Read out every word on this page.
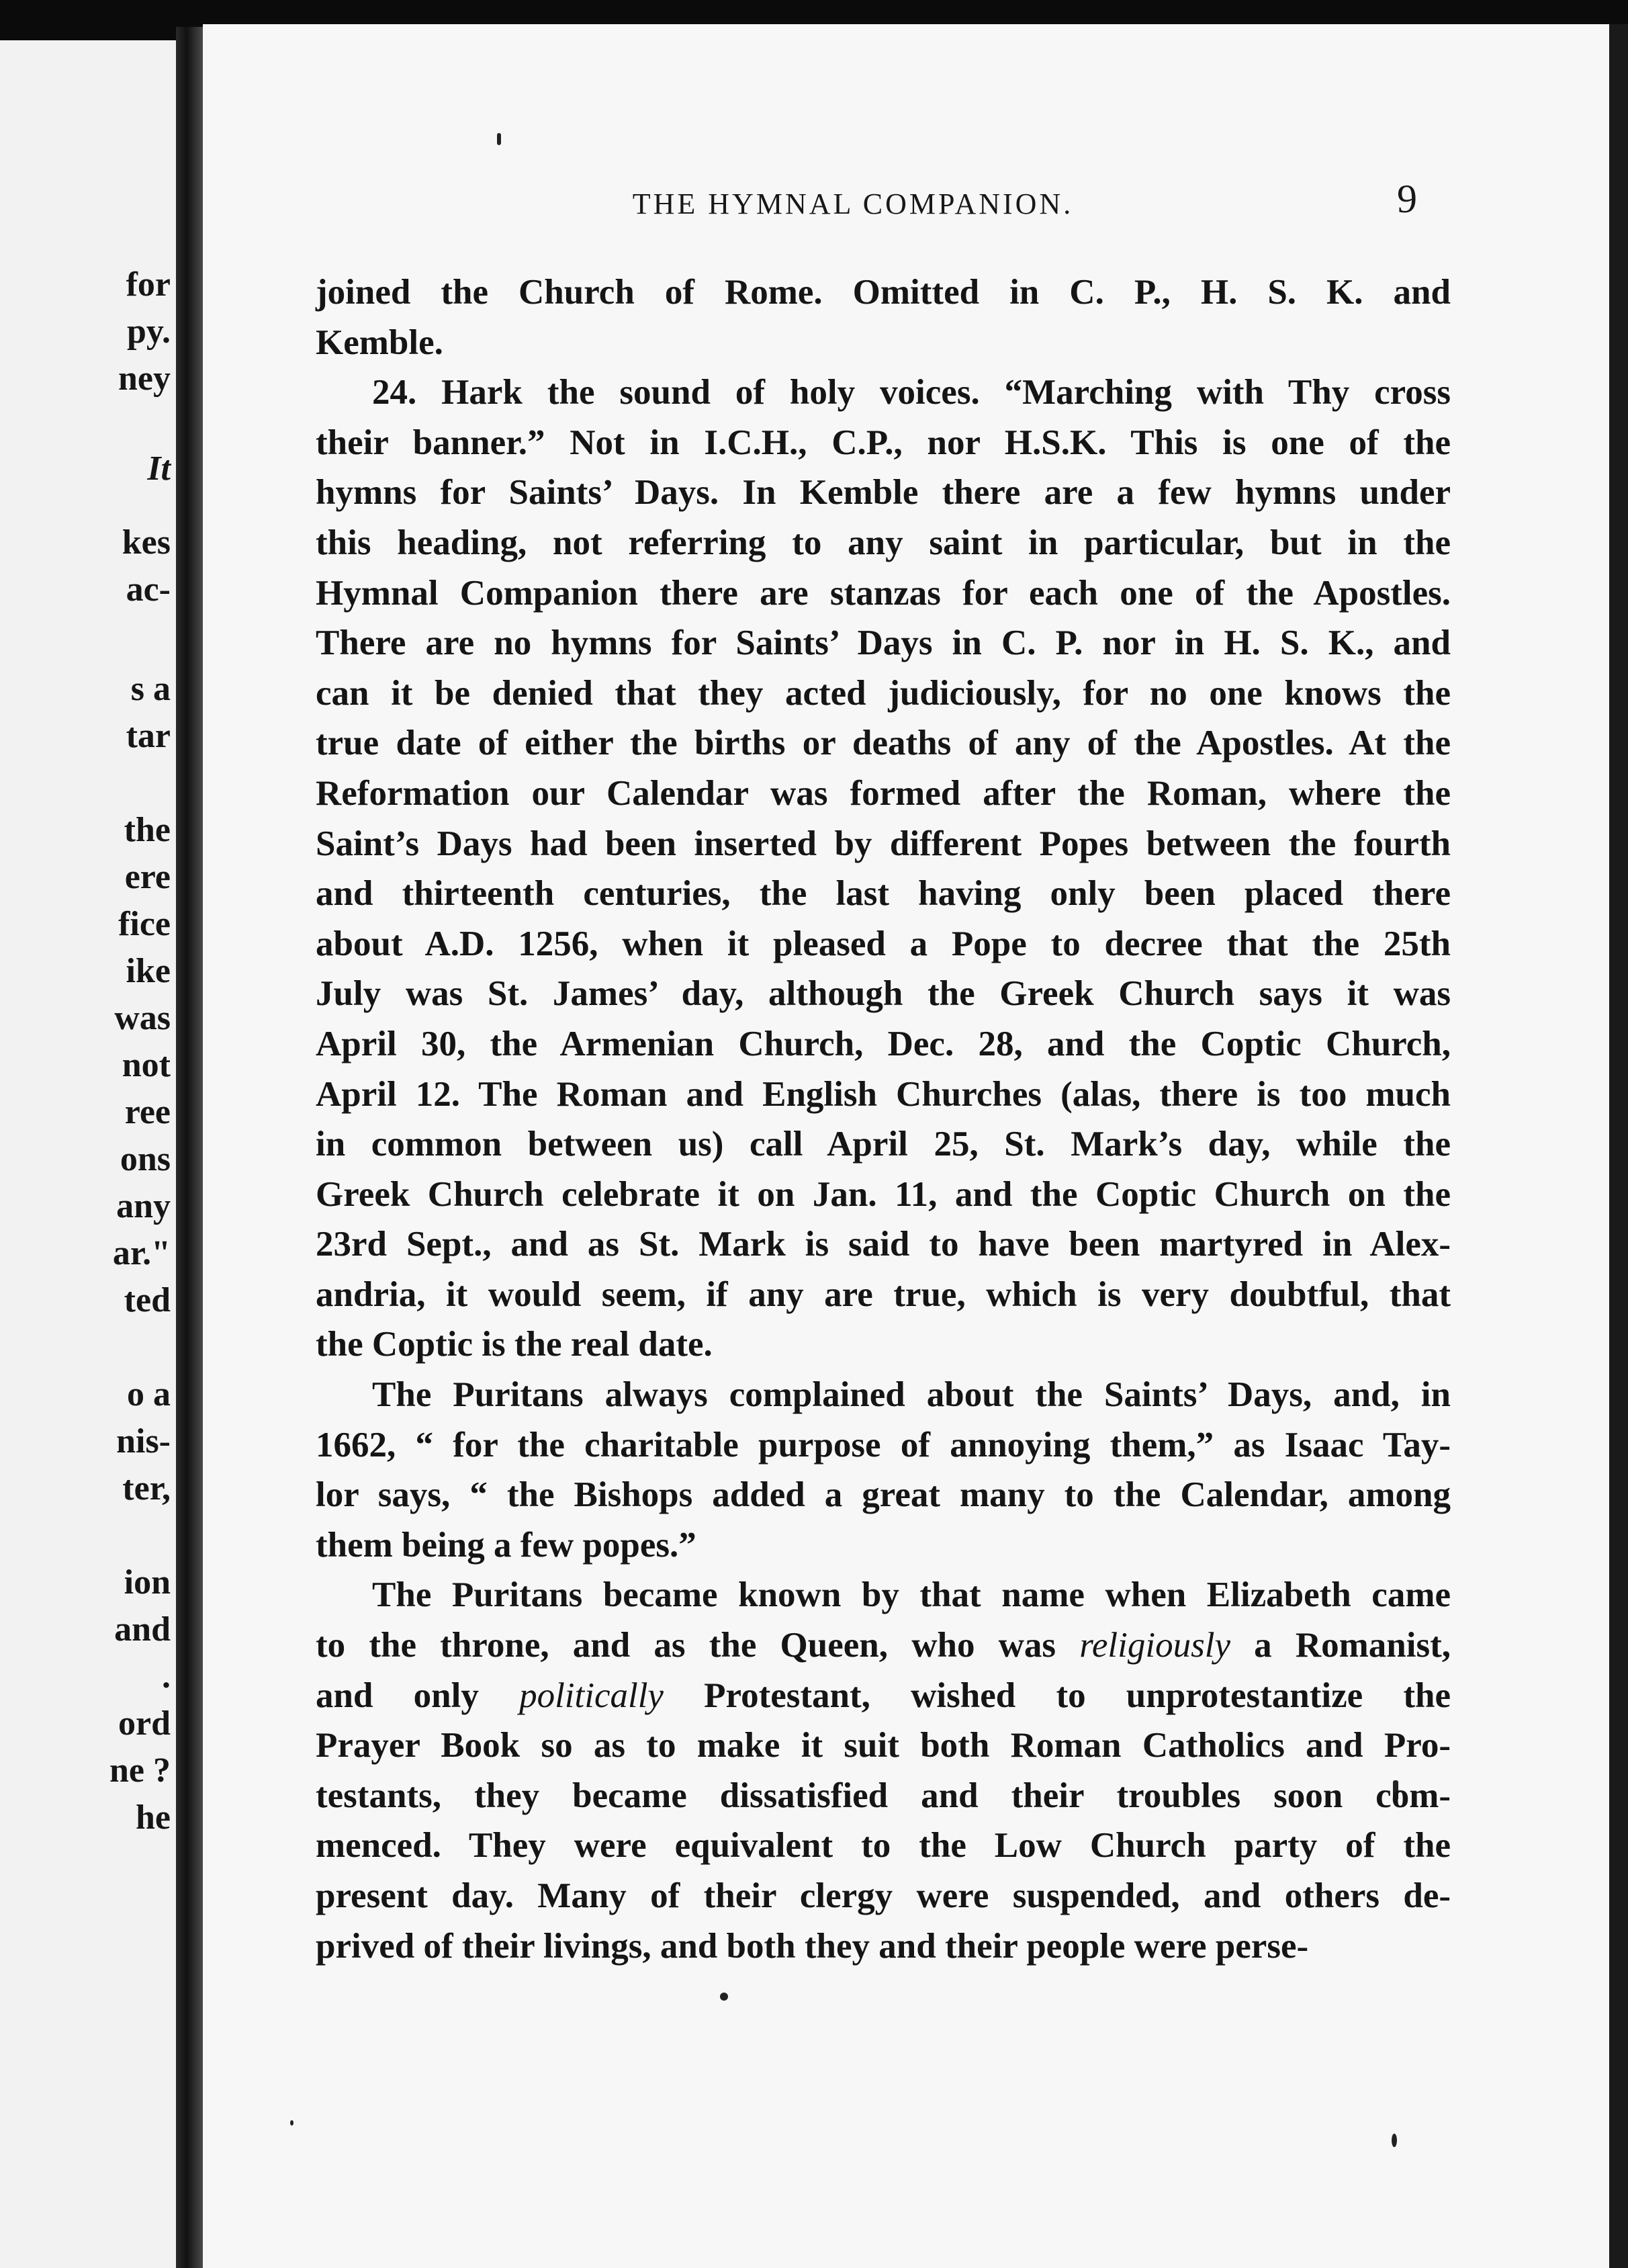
for
py.
ney
It
kes
ac-
s a
tar
the
ere
fice
ike
was
not
ree
ons
any
ar."
ted
o a
nis-
ter,
ion
and
.
ord
ne ?
he
THE HYMNAL COMPANION.	9
joined the Church of Rome. Omitted in C. P., H. S. K. and
Kemble.
24. Hark the sound of holy voices. “Marching with Thy cross
their banner.” Not in I.C.H., C.P., nor H.S.K. This is one of the
hymns for Saints’ Days. In Kemble there are a few hymns under
this heading, not referring to any saint in particular, but in the
Hymnal Companion there are stanzas for each one of the Apostles.
There are no hymns for Saints’ Days in C. P. nor in H. S. K., and
can it be denied that they acted judiciously, for no one knows the
true date of either the births or deaths of any of the Apostles. At the
Reformation our Calendar was formed after the Roman, where the
Saint’s Days had been inserted by different Popes between the fourth
and thirteenth centuries, the last having only been placed there
about A.D. 1256, when it pleased a Pope to decree that the 25th
July was St. James’ day, although the Greek Church says it was
April 30, the Armenian Church, Dec. 28, and the Coptic Church,
April 12. The Roman and English Churches (alas, there is too much
in common between us) call April 25, St. Mark’s day, while the
Greek Church celebrate it on Jan. 11, and the Coptic Church on the
23rd Sept., and as St. Mark is said to have been martyred in Alex-
andria, it would seem, if any are true, which is very doubtful, that
the Coptic is the real date.
The Puritans always complained about the Saints’ Days, and, in
1662, “ for the charitable purpose of annoying them,” as Isaac Tay-
lor says, “ the Bishops added a great many to the Calendar, among
them being a few popes.”
The Puritans became known by that name when Elizabeth came
to the throne, and as the Queen, who was religiously a Romanist,
and only politically Protestant, wished to unprotestantize the
Prayer Book so as to make it suit both Roman Catholics and Pro-
testants, they became dissatisfied and their troubles soon com-
menced. They were equivalent to the Low Church party of the
present day. Many of their clergy were suspended, and others de-
prived of their livings, and both they and their people were perse-
